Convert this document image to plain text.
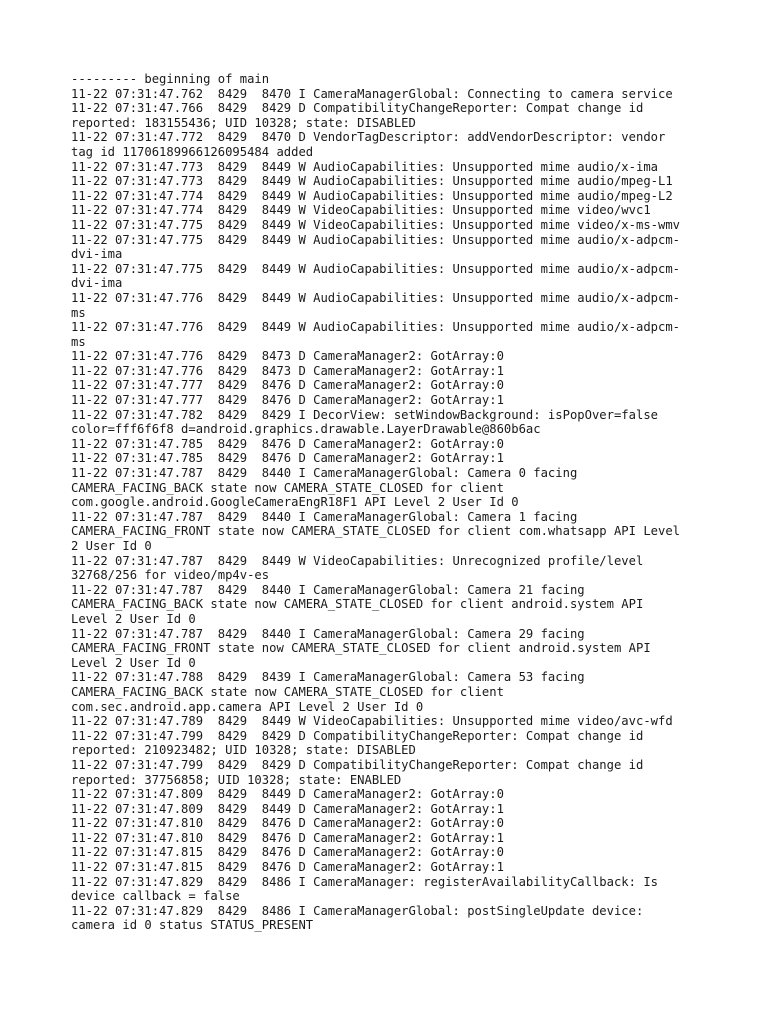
--------- beginning of main
11-22 07:31:47.762  8429  8470 I CameraManagerGlobal: Connecting to camera service
11-22 07:31:47.766  8429  8429 D CompatibilityChangeReporter: Compat change id
reported: 183155436; UID 10328; state: DISABLED
11-22 07:31:47.772  8429  8470 D VendorTagDescriptor: addVendorDescriptor: vendor
tag id 11706189966126095484 added
11-22 07:31:47.773  8429  8449 W AudioCapabilities: Unsupported mime audio/x-ima
11-22 07:31:47.773  8429  8449 W AudioCapabilities: Unsupported mime audio/mpeg-L1
11-22 07:31:47.774  8429  8449 W AudioCapabilities: Unsupported mime audio/mpeg-L2
11-22 07:31:47.774  8429  8449 W VideoCapabilities: Unsupported mime video/wvc1
11-22 07:31:47.775  8429  8449 W VideoCapabilities: Unsupported mime video/x-ms-wmv
11-22 07:31:47.775  8429  8449 W AudioCapabilities: Unsupported mime audio/x-adpcm-
dvi-ima
11-22 07:31:47.775  8429  8449 W AudioCapabilities: Unsupported mime audio/x-adpcm-
dvi-ima
11-22 07:31:47.776  8429  8449 W AudioCapabilities: Unsupported mime audio/x-adpcm-
ms
11-22 07:31:47.776  8429  8449 W AudioCapabilities: Unsupported mime audio/x-adpcm-
ms
11-22 07:31:47.776  8429  8473 D CameraManager2: GotArray:0
11-22 07:31:47.776  8429  8473 D CameraManager2: GotArray:1
11-22 07:31:47.777  8429  8476 D CameraManager2: GotArray:0
11-22 07:31:47.777  8429  8476 D CameraManager2: GotArray:1
11-22 07:31:47.782  8429  8429 I DecorView: setWindowBackground: isPopOver=false
color=fff6f6f8 d=android.graphics.drawable.LayerDrawable@860b6ac
11-22 07:31:47.785  8429  8476 D CameraManager2: GotArray:0
11-22 07:31:47.785  8429  8476 D CameraManager2: GotArray:1
11-22 07:31:47.787  8429  8440 I CameraManagerGlobal: Camera 0 facing
CAMERA_FACING_BACK state now CAMERA_STATE_CLOSED for client
com.google.android.GoogleCameraEngR18F1 API Level 2 User Id 0
11-22 07:31:47.787  8429  8440 I CameraManagerGlobal: Camera 1 facing
CAMERA_FACING_FRONT state now CAMERA_STATE_CLOSED for client com.whatsapp API Level
2 User Id 0
11-22 07:31:47.787  8429  8449 W VideoCapabilities: Unrecognized profile/level
32768/256 for video/mp4v-es
11-22 07:31:47.787  8429  8440 I CameraManagerGlobal: Camera 21 facing
CAMERA_FACING_BACK state now CAMERA_STATE_CLOSED for client android.system API
Level 2 User Id 0
11-22 07:31:47.787  8429  8440 I CameraManagerGlobal: Camera 29 facing
CAMERA_FACING_FRONT state now CAMERA_STATE_CLOSED for client android.system API
Level 2 User Id 0
11-22 07:31:47.788  8429  8439 I CameraManagerGlobal: Camera 53 facing
CAMERA_FACING_BACK state now CAMERA_STATE_CLOSED for client
com.sec.android.app.camera API Level 2 User Id 0
11-22 07:31:47.789  8429  8449 W VideoCapabilities: Unsupported mime video/avc-wfd
11-22 07:31:47.799  8429  8429 D CompatibilityChangeReporter: Compat change id
reported: 210923482; UID 10328; state: DISABLED
11-22 07:31:47.799  8429  8429 D CompatibilityChangeReporter: Compat change id
reported: 37756858; UID 10328; state: ENABLED
11-22 07:31:47.809  8429  8449 D CameraManager2: GotArray:0
11-22 07:31:47.809  8429  8449 D CameraManager2: GotArray:1
11-22 07:31:47.810  8429  8476 D CameraManager2: GotArray:0
11-22 07:31:47.810  8429  8476 D CameraManager2: GotArray:1
11-22 07:31:47.815  8429  8476 D CameraManager2: GotArray:0
11-22 07:31:47.815  8429  8476 D CameraManager2: GotArray:1
11-22 07:31:47.829  8429  8486 I CameraManager: registerAvailabilityCallback: Is
device callback = false
11-22 07:31:47.829  8429  8486 I CameraManagerGlobal: postSingleUpdate device:
camera id 0 status STATUS_PRESENT
